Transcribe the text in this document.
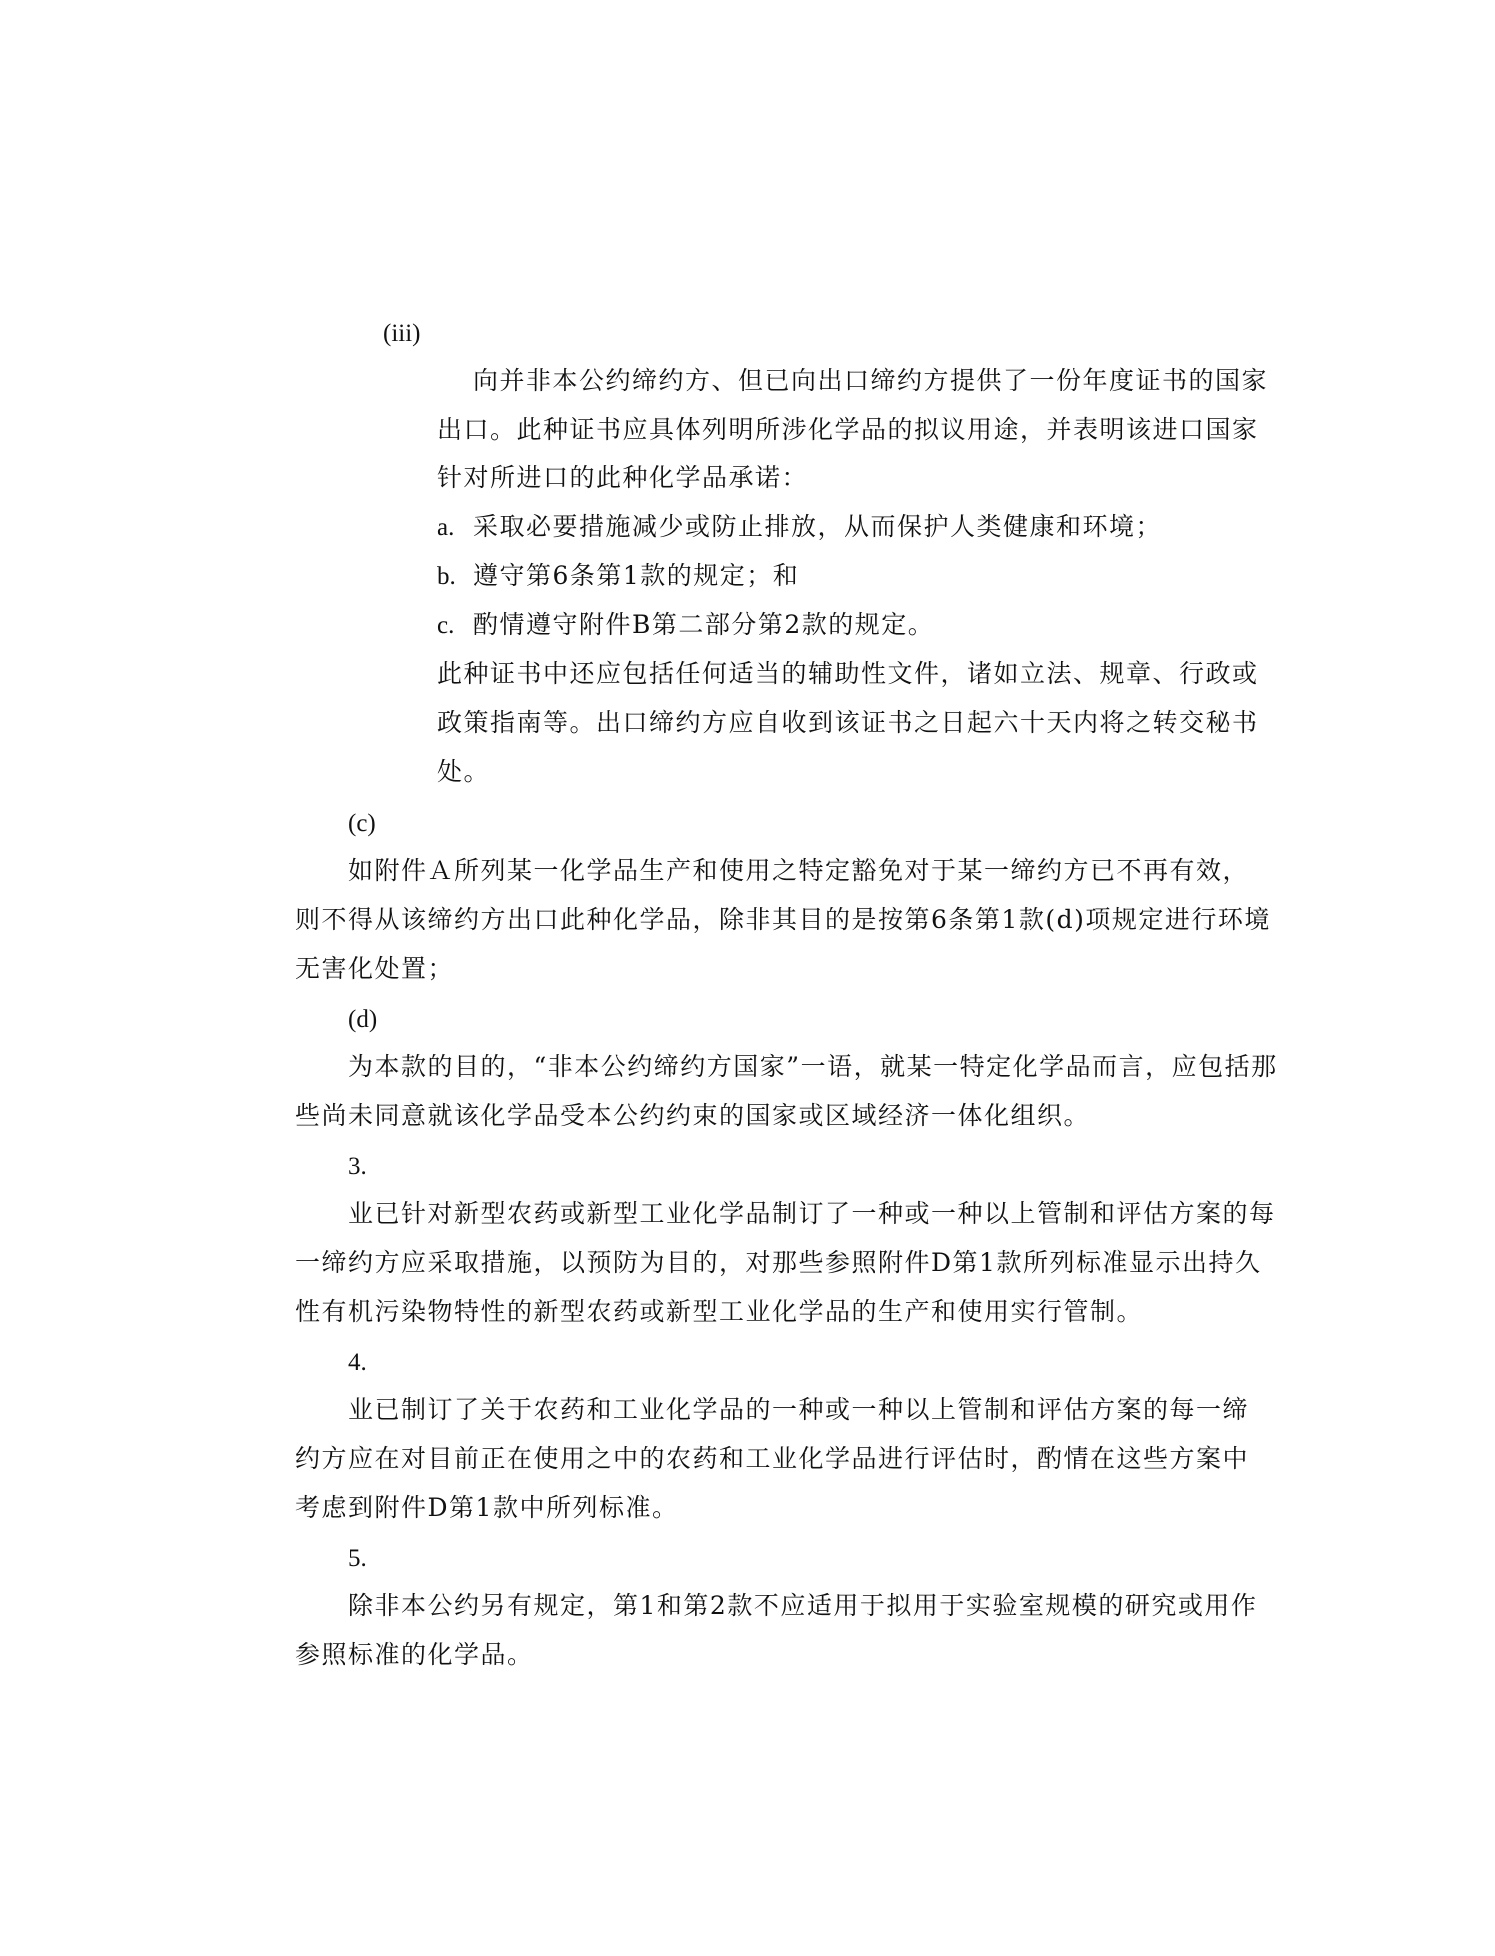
(iii)
向并非本公约缔约方、但已向出口缔约方提供了一份年度证书的国家
出口。此种证书应具体列明所涉化学品的拟议用途，并表明该进口国家
针对所进口的此种化学品承诺：
a. 采取必要措施减少或防止排放，从而保护人类健康和环境；
b. 遵守第6条第1款的规定；和
c. 酌情遵守附件B第二部分第2款的规定。
此种证书中还应包括任何适当的辅助性文件，诸如立法、规章、行政或
政策指南等。出口缔约方应自收到该证书之日起六十天内将之转交秘书
处。
(c)
如附件Ａ所列某一化学品生产和使用之特定豁免对于某一缔约方已不再有效，
则不得从该缔约方出口此种化学品，除非其目的是按第6条第1款(d)项规定进行环境
无害化处置；
(d)
为本款的目的，“非本公约缔约方国家”一语，就某一特定化学品而言，应包括那
些尚未同意就该化学品受本公约约束的国家或区域经济一体化组织。
3.
业已针对新型农药或新型工业化学品制订了一种或一种以上管制和评估方案的每
一缔约方应采取措施，以预防为目的，对那些参照附件D第1款所列标准显示出持久
性有机污染物特性的新型农药或新型工业化学品的生产和使用实行管制。
4.
业已制订了关于农药和工业化学品的一种或一种以上管制和评估方案的每一缔
约方应在对目前正在使用之中的农药和工业化学品进行评估时，酌情在这些方案中
考虑到附件D第1款中所列标准。
5.
除非本公约另有规定，第1和第2款不应适用于拟用于实验室规模的研究或用作
参照标准的化学品。
